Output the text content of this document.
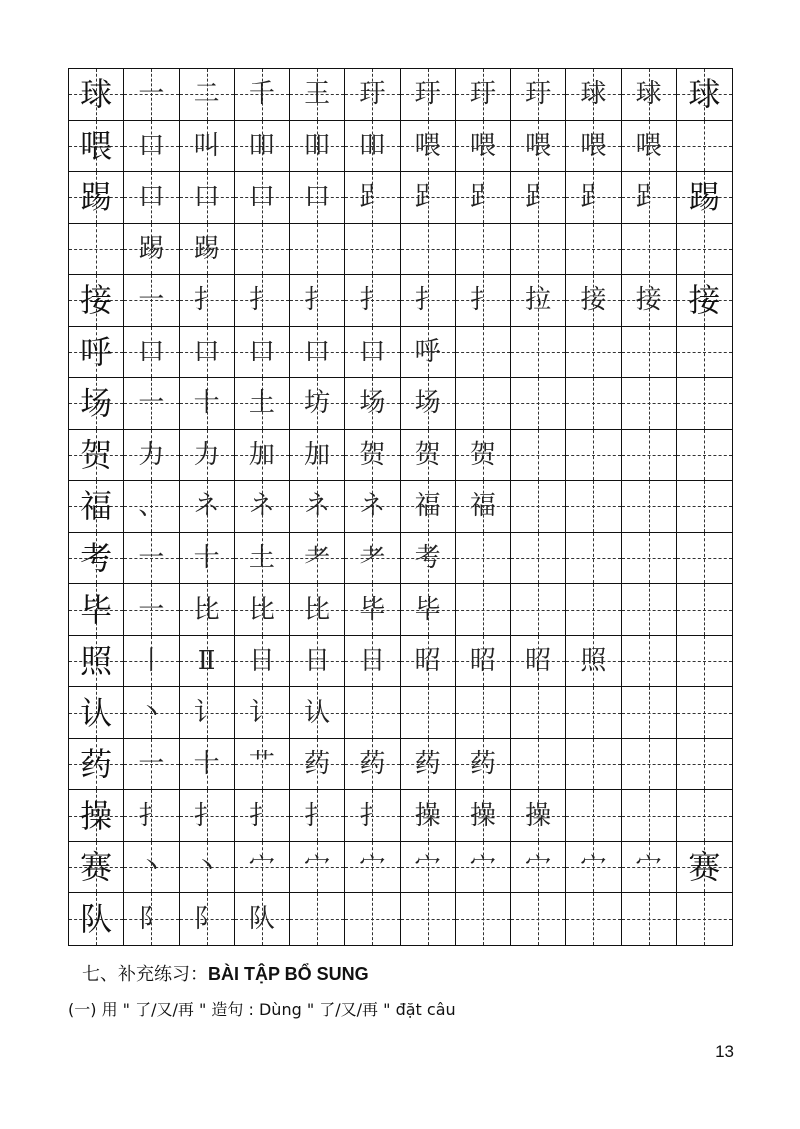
球 一 二 千 王 玗 玗 玗 玗 球 球 球
喂 口 叫 吅 吅 吅 喂 喂 喂 喂 喂
踢 口 口 口 口 𧾷 𧾷 𧾷 𧾷 𧾷 𧾷 踢
踢 踢
接 一 扌 扌 扌 扌 扌 扌 拉 接 接 接
呼 口 口 口 口 口 呼
场 一 十 土 坊 场 场
贺 力 力 加 加 贺 贺 贺
福 、 ネ ネ ネ ネ 福 福
考 一 十 土 耂 耂 考
毕 一 比 比 比 毕 毕
照 丨 Ⅱ 日 日 日 昭 昭 昭 照
认 丶 讠 讠 认
药 一 十 艹 药 药 药 药
操 扌 扌 扌 扌 扌 操 操 操
赛 丶 丶 宀 宀 宀 宀 宀 宀 宀 宀 赛
队 阝 阝 队
七、补充练习：BÀI TẬP BỔ SUNG
(一) 用 " 了/又/再 " 造句 : Dùng " 了/又/再 " đặt câu
13
